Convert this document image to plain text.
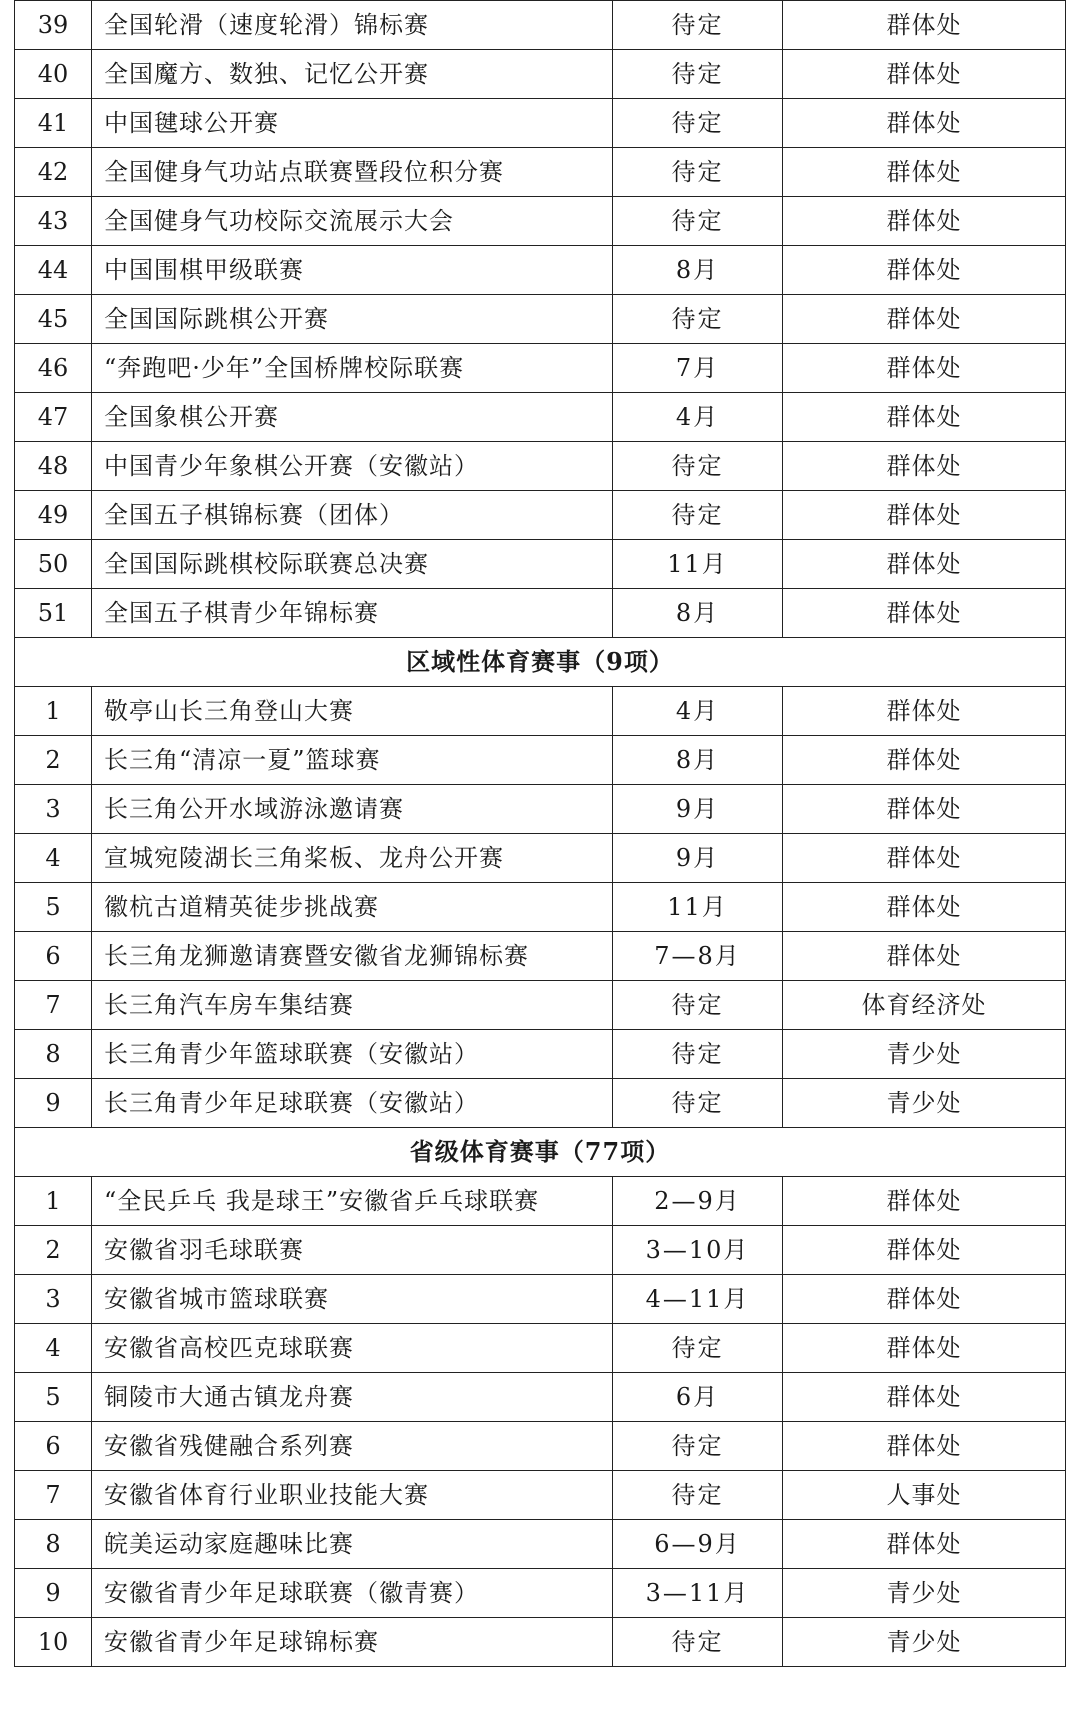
39	全国轮滑（速度轮滑）锦标赛	待定	群体处
40	全国魔方、数独、记忆公开赛	待定	群体处
41	中国毽球公开赛	待定	群体处
42	全国健身气功站点联赛暨段位积分赛	待定	群体处
43	全国健身气功校际交流展示大会	待定	群体处
44	中国围棋甲级联赛	8月	群体处
45	全国国际跳棋公开赛	待定	群体处
46	“奔跑吧·少年”全国桥牌校际联赛	7月	群体处
47	全国象棋公开赛	4月	群体处
48	中国青少年象棋公开赛（安徽站）	待定	群体处
49	全国五子棋锦标赛（团体）	待定	群体处
50	全国国际跳棋校际联赛总决赛	11月	群体处
51	全国五子棋青少年锦标赛	8月	群体处
区域性体育赛事（9项）			
1	敬亭山长三角登山大赛	4月	群体处
2	长三角“清凉一夏”篮球赛	8月	群体处
3	长三角公开水域游泳邀请赛	9月	群体处
4	宣城宛陵湖长三角桨板、龙舟公开赛	9月	群体处
5	徽杭古道精英徒步挑战赛	11月	群体处
6	长三角龙狮邀请赛暨安徽省龙狮锦标赛	7—8月	群体处
7	长三角汽车房车集结赛	待定	体育经济处
8	长三角青少年篮球联赛（安徽站）	待定	青少处
9	长三角青少年足球联赛（安徽站）	待定	青少处
省级体育赛事（77项）			
1	“全民乒乓 我是球王”安徽省乒乓球联赛	2—9月	群体处
2	安徽省羽毛球联赛	3—10月	群体处
3	安徽省城市篮球联赛	4—11月	群体处
4	安徽省高校匹克球联赛	待定	群体处
5	铜陵市大通古镇龙舟赛	6月	群体处
6	安徽省残健融合系列赛	待定	群体处
7	安徽省体育行业职业技能大赛	待定	人事处
8	皖美运动家庭趣味比赛	6—9月	群体处
9	安徽省青少年足球联赛（徽青赛）	3—11月	青少处
10	安徽省青少年足球锦标赛	待定	青少处
